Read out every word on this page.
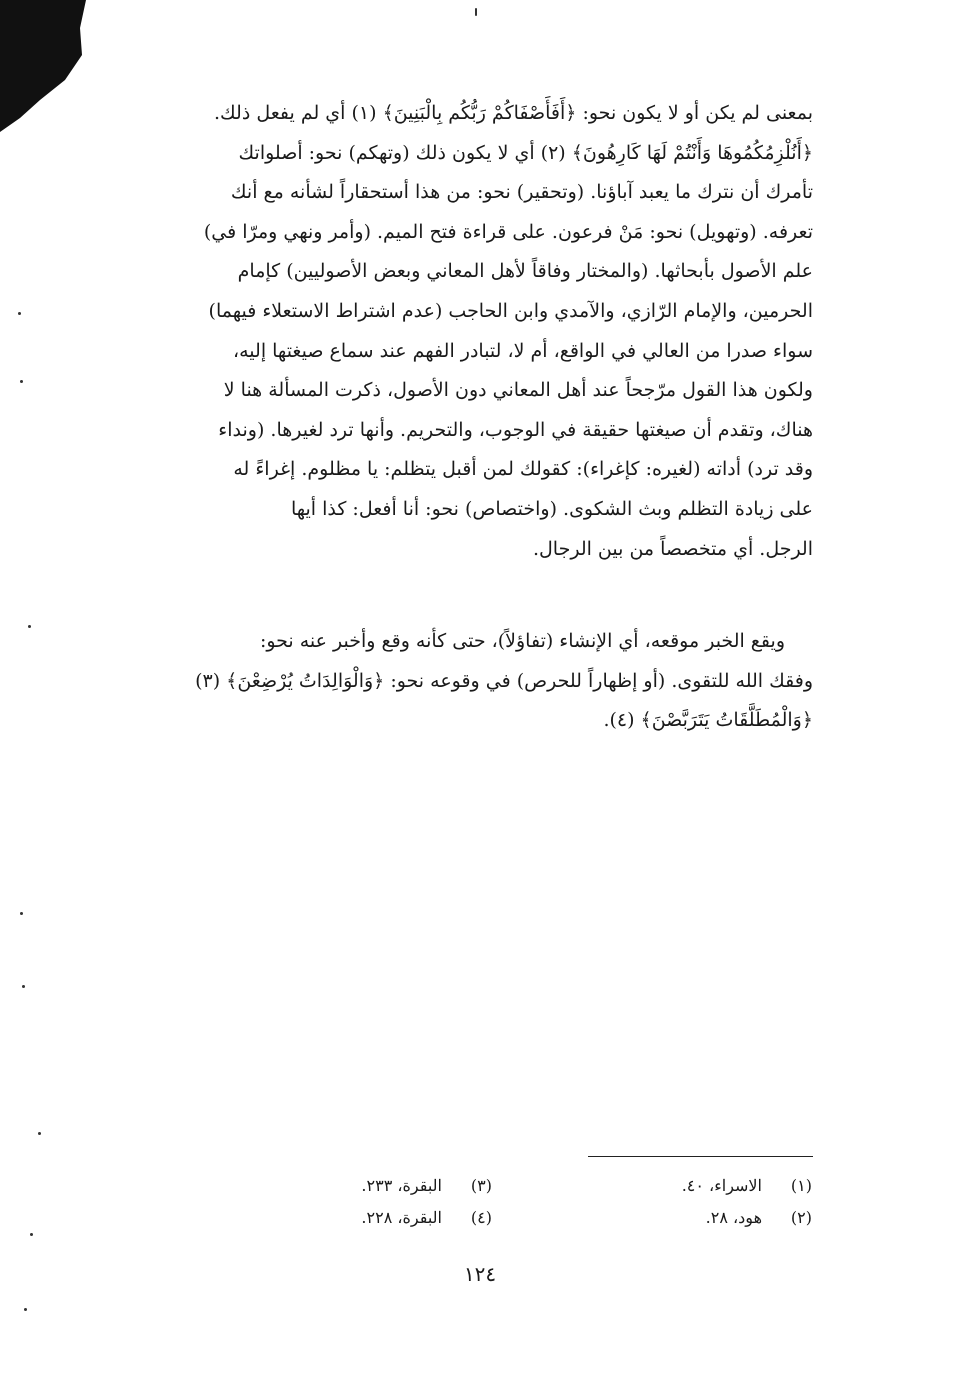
بمعنى لم يكن أو لا يكون نحو: ﴿أَفَأَصْفَاكُمْ رَبُّكُم بِالْبَنِينَ﴾ (١) أي لم يفعل ذلك.
﴿أَنُلْزِمُكُمُوهَا وَأَنْتُمْ لَهَا كَارِهُونَ﴾ (٢) أي لا يكون ذلك (وتهكم) نحو: أصلواتك
تأمرك أن نترك ما يعبد آباؤنا. (وتحقير) نحو: من هذا أستحقاراً لشأنه مع أنك
تعرفه. (وتهويل) نحو: مَنْ فرعون. على قراءة فتح الميم. (وأمر ونهي ومرّا في)
علم الأصول بأبحاثها. (والمختار وفاقاً لأهل المعاني وبعض الأصوليين) كإمام
الحرمين، والإمام الرّازي، والآمدي وابن الحاجب (عدم اشتراط الاستعلاء فيهما)
سواء صدرا من العالي في الواقع، أم لا، لتبادر الفهم عند سماع صيغتها إليه،
ولكون هذا القول مرّجحاً عند أهل المعاني دون الأصول، ذكرت المسألة هنا لا
هناك، وتقدم أن صيغتها حقيقة في الوجوب، والتحريم. وأنها ترد لغيرها. (ونداء
وقد ترد) أداته (لغيره: كإغراء): كقولك لمن أقبل يتظلم: يا مظلوم. إغراءً له
على زيادة التظلم وبث الشكوى. (واختصاص) نحو: أنا أفعل: كذا أيها
الرجل. أي متخصصاً من بين الرجال.
ويقع الخبر موقعه، أي الإنشاء (تفاؤلاً)، حتى كأنه وقع وأخبر عنه نحو:
وفقك الله للتقوى. (أو إظهاراً للحرص) في وقوعه نحو: ﴿وَالْوَالِدَاتُ يُرْضِعْنَ﴾ (٣)
﴿وَالْمُطَلَّقَاتُ يَتَرَبَّصْنَ﴾ (٤).
(١)
الاسراء، ٤٠.
(٢)
هود، ٢٨.
(٣)
البقرة، ٢٣٣.
(٤)
البقرة، ٢٢٨.
١٢٤
